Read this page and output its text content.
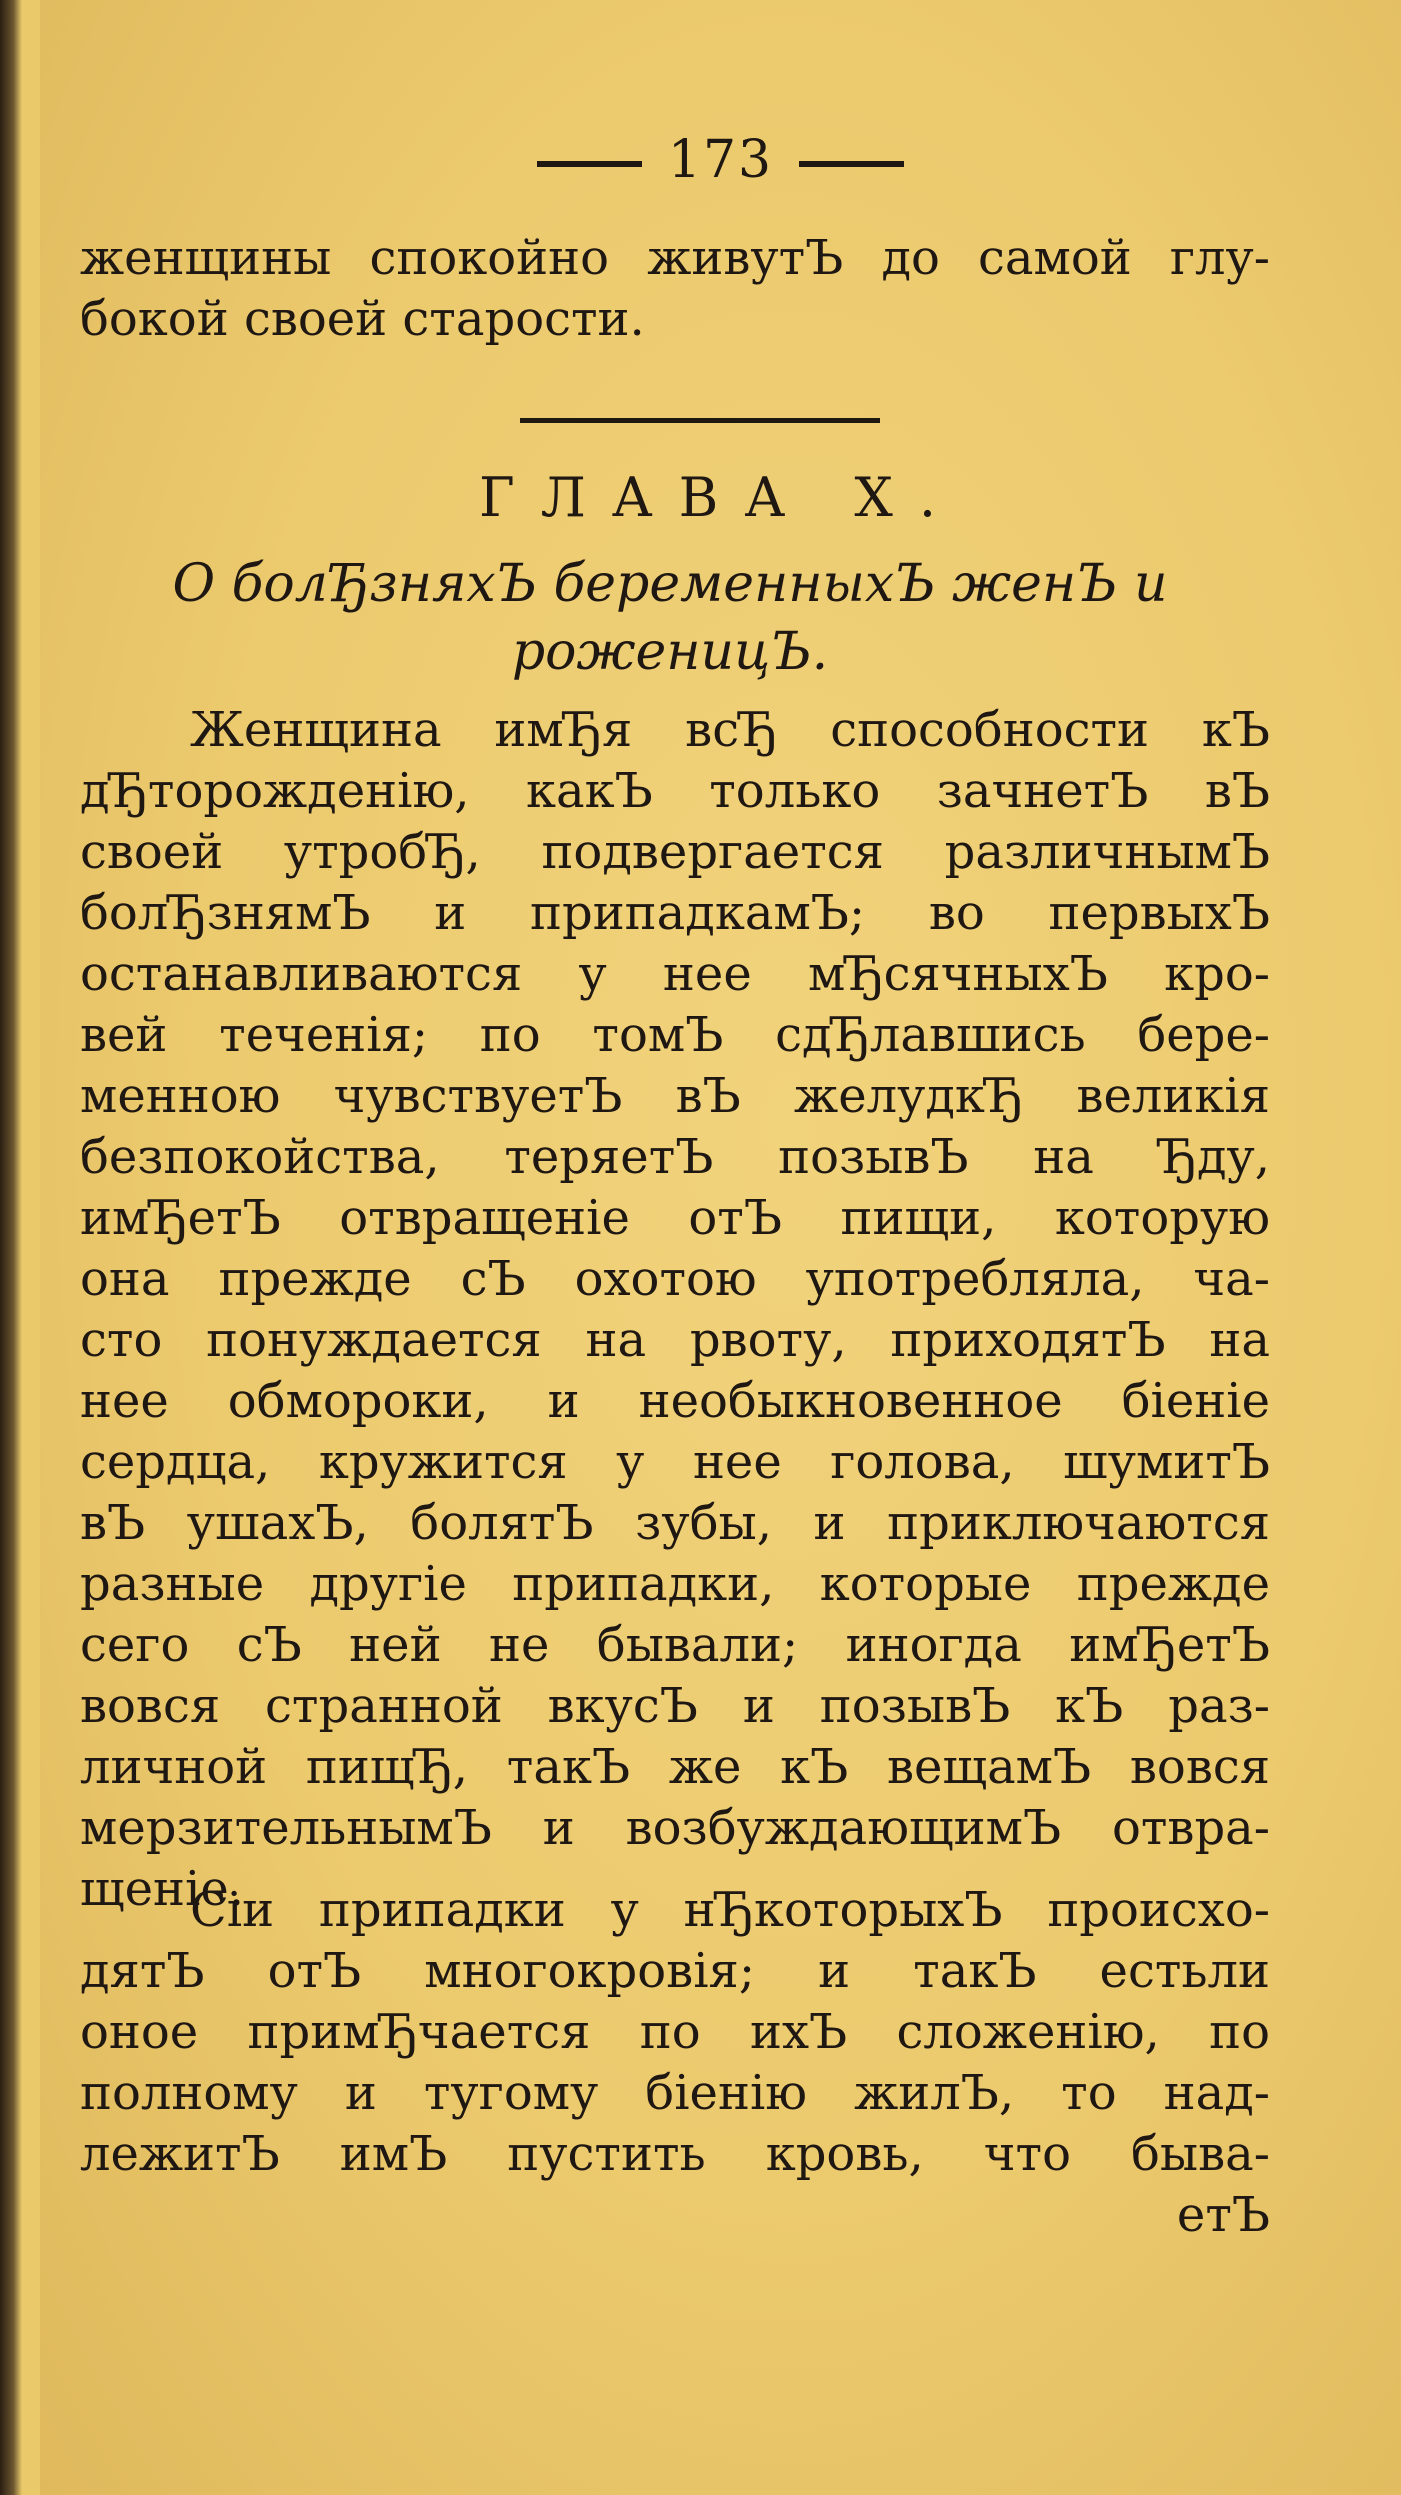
173
женщины спокойно живутЪ до самой глу-
бокой своей старости.
ГЛАВА X.
О болЂзняхЪ беременныхЪ женЪ и роженицЪ.
Женщина имЂя всЂ способности кЪ
дЂторожденiю, какЪ только зачнетЪ вЪ
своей утробЂ, подвергается различнымЪ
болЂзнямЪ и припадкамЪ; во первыхЪ
останавливаются у нее мЂсячныхЪ кро-
вей теченiя; по томЪ сдЂлавшись бере-
менною чувствуетЪ вЪ желудкЂ великiя
безпокойства, теряетЪ позывЪ на Ђду,
имЂетЪ отвращенiе отЪ пищи, которую
она прежде сЪ охотою употребляла, ча-
сто понуждается на рвоту, приходятЪ на
нее обмороки, и необыкновенное бiенiе
сердца, кружится у нее голова, шумитЪ
вЪ ушахЪ, болятЪ зубы, и приключаются
разные другiе припадки, которые прежде
сего сЪ ней не бывали; иногда имЂетЪ
вовся странной вкусЪ и позывЪ кЪ раз-
личной пищЂ, такЪ же кЪ вещамЪ вовся
мерзительнымЪ и возбуждающимЪ отвра-
щенiе.
Сiи припадки у нЂкоторыхЪ происхо-
дятЪ отЪ многокровiя; и такЪ естьли
оное примЂчается по ихЪ сложенiю, по
полному и тугому бiенiю жилЪ, то над-
лежитЪ имЪ пустить кровь, что быва-
етЪ
